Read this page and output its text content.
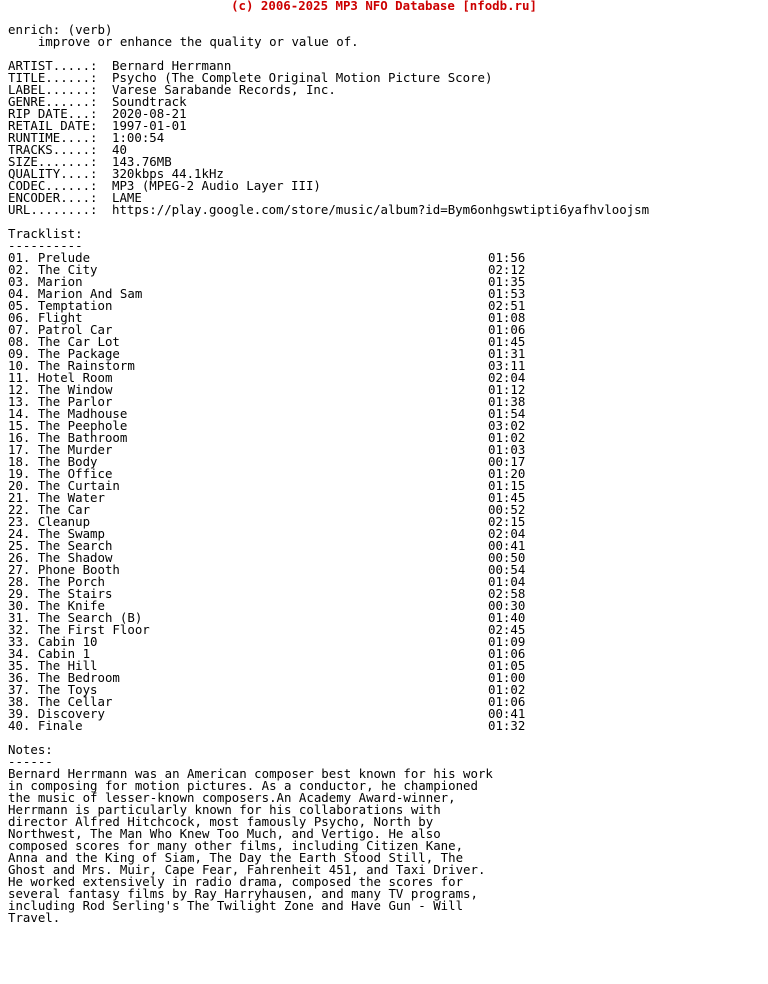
(c) 2006-2025 MP3 NFO Database [nfodb.ru]
enrich: (verb)
improve or enhance the quality or value of.
ARTIST.....: Bernard Herrmann
TITLE......: Psycho (The Complete Original Motion Picture Score)
LABEL......: Varese Sarabande Records, Inc.
GENRE......: Soundtrack
RIP DATE...: 2020-08-21
RETAIL DATE: 1997-01-01
RUNTIME....: 1:00:54
TRACKS.....: 40
SIZE.......: 143.76MB
QUALITY....: 320kbps 44.1kHz
CODEC......: MP3 (MPEG-2 Audio Layer III)
ENCODER....: LAME
URL........: https://play.google.com/store/music/album?id=Bym6onhgswtipti6yafhvloojsm
Tracklist:
----------
01. Prelude	01:56
02. The City	02:12
03. Marion	01:35
04. Marion And Sam	01:53
05. Temptation	02:51
06. Flight	01:08
07. Patrol Car	01:06
08. The Car Lot	01:45
09. The Package	01:31
10. The Rainstorm	03:11
11. Hotel Room	02:04
12. The Window	01:12
13. The Parlor	01:38
14. The Madhouse	01:54
15. The Peephole	03:02
16. The Bathroom	01:02
17. The Murder	01:03
18. The Body	00:17
19. The Office	01:20
20. The Curtain	01:15
21. The Water	01:45
22. The Car	00:52
23. Cleanup	02:15
24. The Swamp	02:04
25. The Search	00:41
26. The Shadow	00:50
27. Phone Booth	00:54
28. The Porch	01:04
29. The Stairs	02:58
30. The Knife	00:30
31. The Search (B)	01:40
32. The First Floor	02:45
33. Cabin 10	01:09
34. Cabin 1	01:06
35. The Hill	01:05
36. The Bedroom	01:00
37. The Toys	01:02
38. The Cellar	01:06
39. Discovery	00:41
40. Finale	01:32
Notes:
------
Bernard Herrmann was an American composer best known for his work
in composing for motion pictures. As a conductor, he championed
the music of lesser-known composers.An Academy Award-winner,
Herrmann is particularly known for his collaborations with
director Alfred Hitchcock, most famously Psycho, North by
Northwest, The Man Who Knew Too Much, and Vertigo. He also
composed scores for many other films, including Citizen Kane,
Anna and the King of Siam, The Day the Earth Stood Still, The
Ghost and Mrs. Muir, Cape Fear, Fahrenheit 451, and Taxi Driver.
He worked extensively in radio drama, composed the scores for
several fantasy films by Ray Harryhausen, and many TV programs,
including Rod Serling's The Twilight Zone and Have Gun - Will
Travel.
